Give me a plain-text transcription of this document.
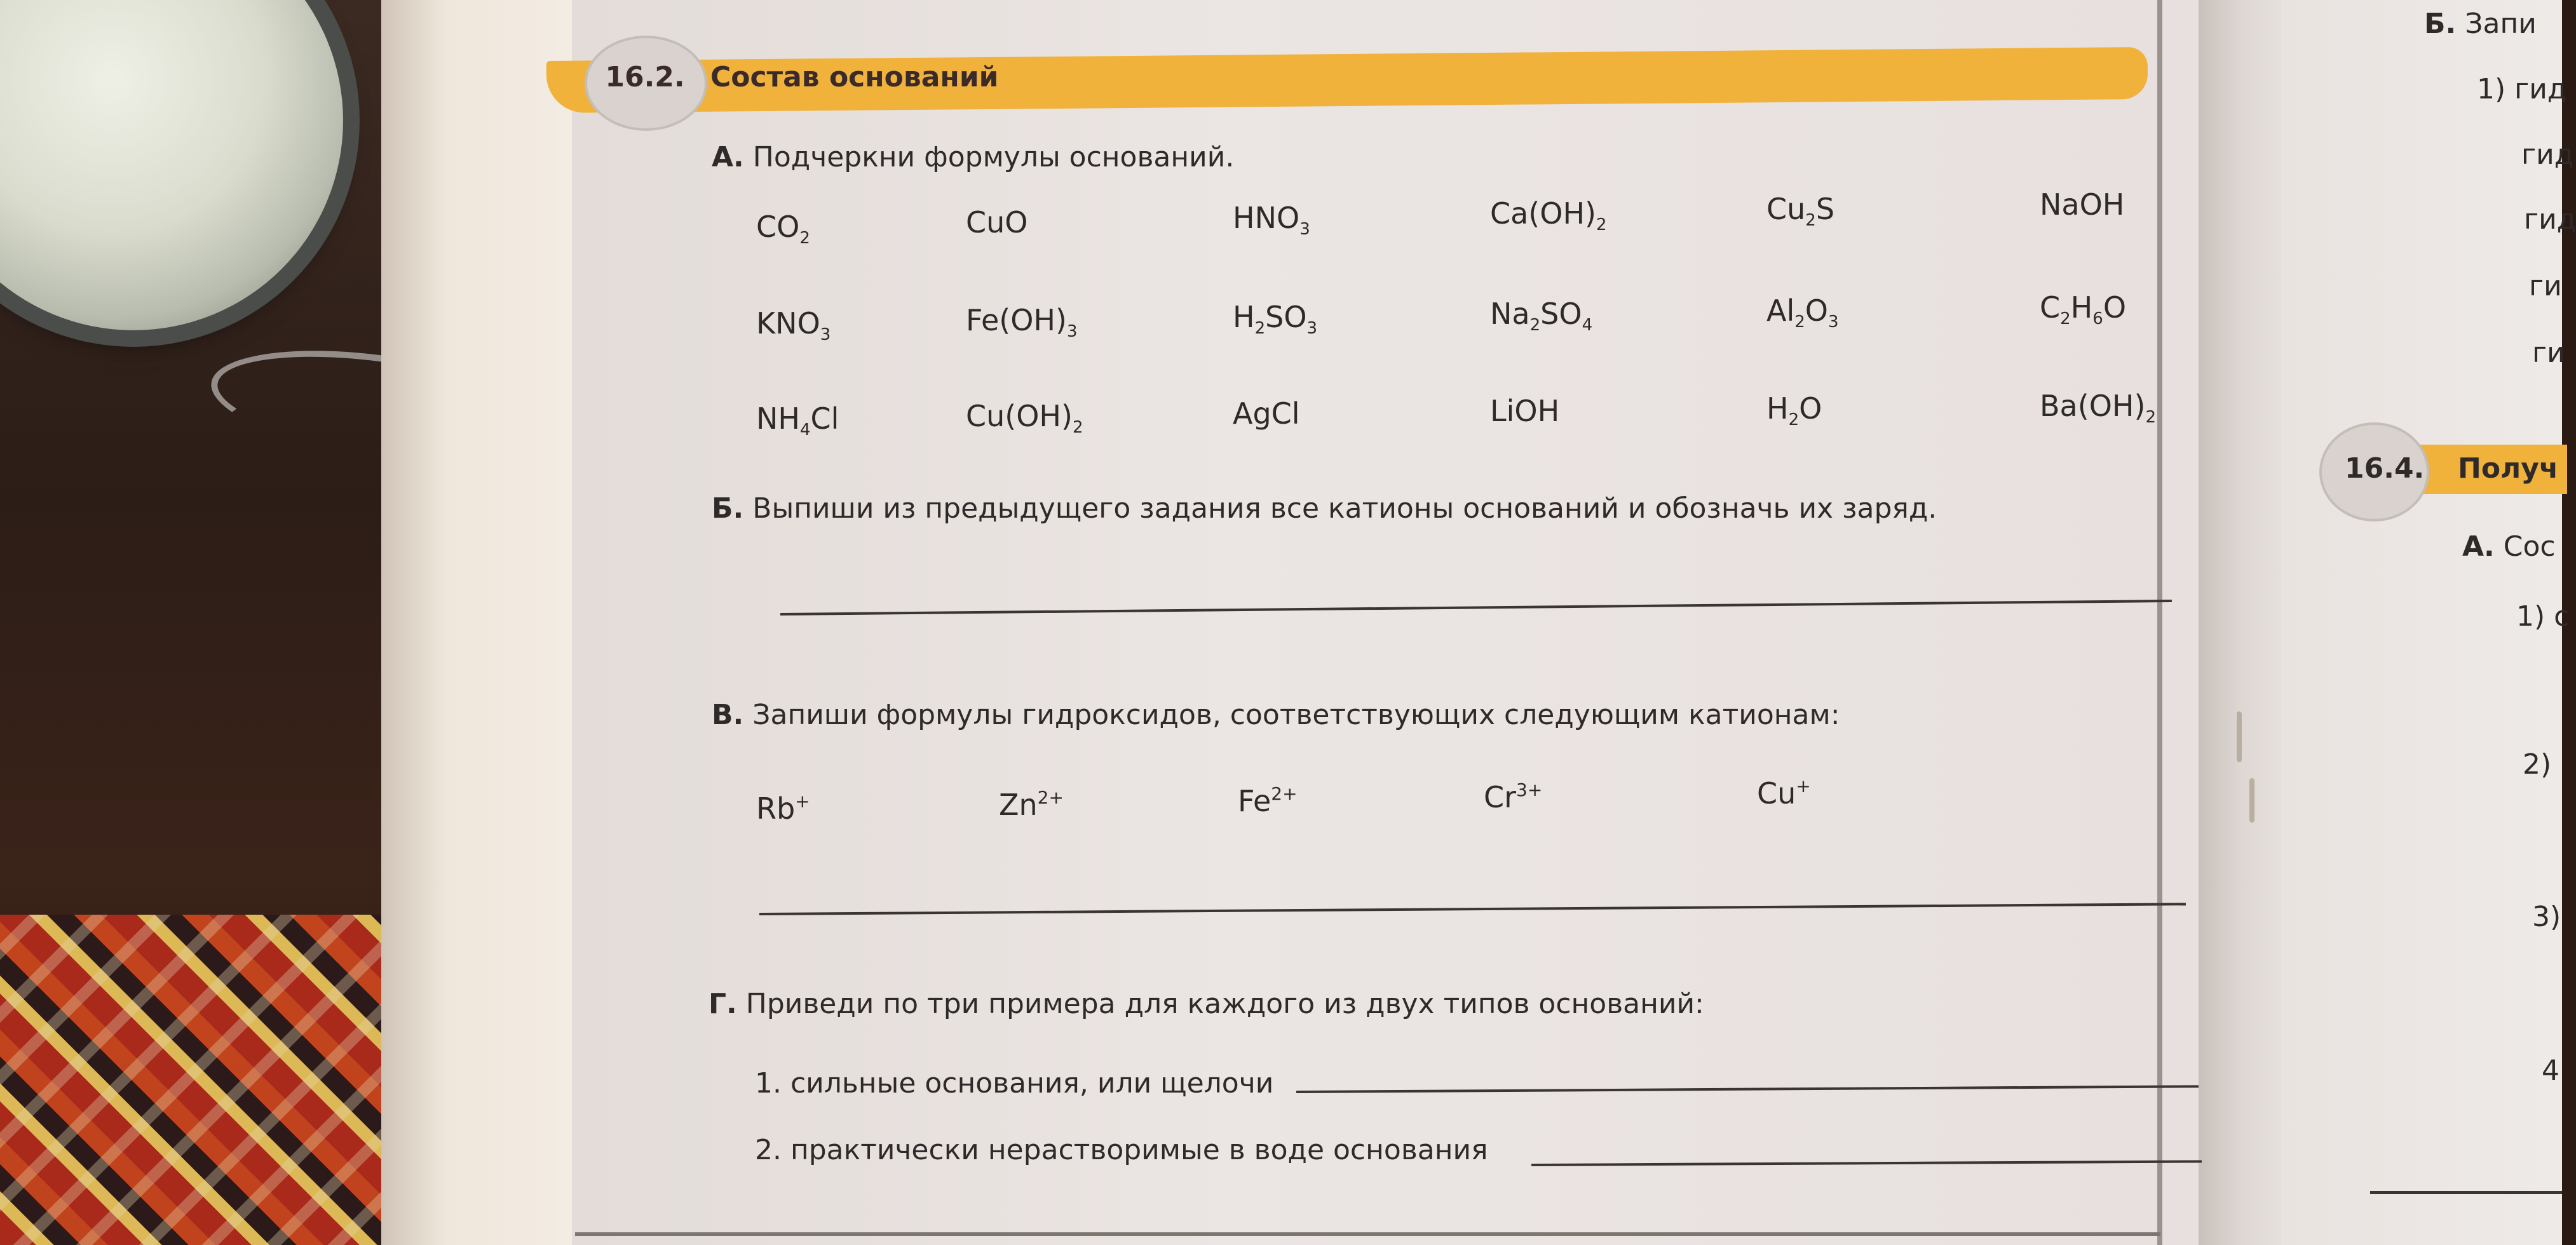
16.2. Состав оснований
А. Подчеркни формулы оснований.
$CO_2$	CuO	$HNO_3$	$Ca(OH)_2$	$Cu_2S$	NaOH
$KNO_3$	$Fe(OH)_3$	$H_2SO_3$	$Na_2SO_4$	$Al_2O_3$	$C_2H_6O$
$NH_4Cl$	$Cu(OH)_2$	AgCl	LiOH	$H_2O$	$Ba(OH)_2$
Б. Выпиши из предыдущего задания все катионы оснований и обозначь их заряд.
В. Запиши формулы гидроксидов, соответствующих следующим катионам:
Rb+	$Zn^{2+}$	$Fe^{2+}$	$Cr^{3+}$	Cu+
Г. Приведи по три примера для каждого из двух типов оснований:
1. сильные основания, или щелочи
2. практически нерастворимые в воде основания
Б. Запи
1) гид
гид
гид
ги
ги
16.4. Получ
А. Сос
1) с
2)
3)
4
